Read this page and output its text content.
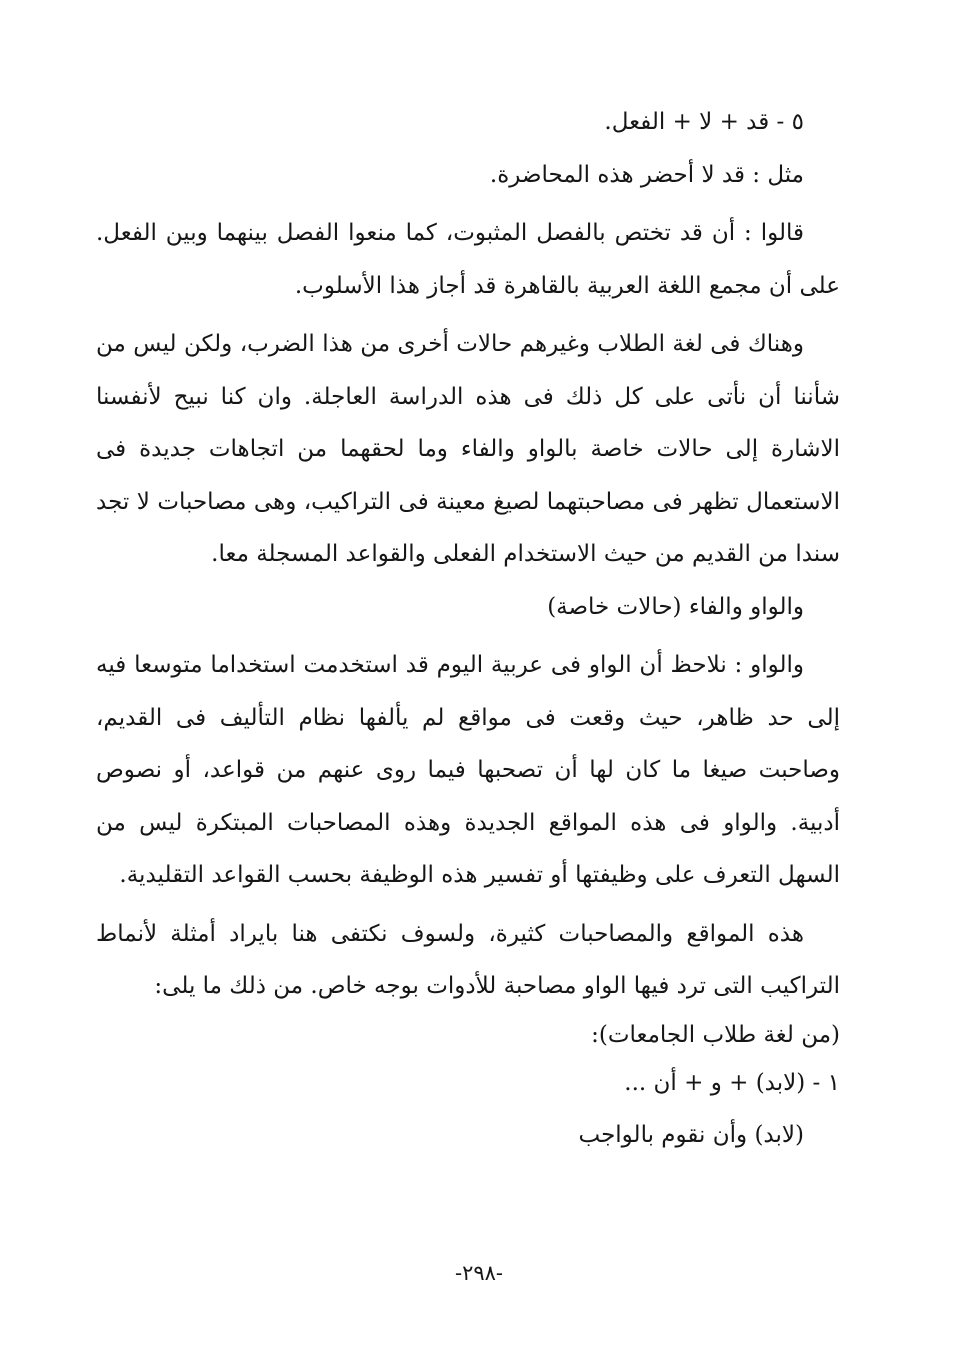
٥ - قد + لا + الفعل.

مثل : قد لا أحضر هذه المحاضرة.

قالوا : أن قد تختص بالفصل المثبوت، كما منعوا الفصل بينهما وبين الفعل. على أن مجمع اللغة العربية بالقاهرة قد أجاز هذا الأسلوب.

وهناك فى لغة الطلاب وغيرهم حالات أخرى من هذا الضرب، ولكن ليس من شأننا أن نأتى على كل ذلك فى هذه الدراسة العاجلة. وان كنا نبيح لأنفسنا الاشارة إلى حالات خاصة بالواو والفاء وما لحقهما من اتجاهات جديدة فى الاستعمال تظهر فى مصاحبتهما لصيغ معينة فى التراكيب، وهى مصاحبات لا تجد سندا من القديم من حيث الاستخدام الفعلى والقواعد المسجلة معا.

والواو والفاء (حالات خاصة)

والواو : نلاحظ أن الواو فى عربية اليوم قد استخدمت استخداما متوسعا فيه إلى حد ظاهر، حيث وقعت فى مواقع لم يألفها نظام التأليف فى القديم، وصاحبت صيغا ما كان لها أن تصحبها فيما روى عنهم من قواعد، أو نصوص أدبية. والواو فى هذه المواقع الجديدة وهذه المصاحبات المبتكرة ليس من السهل التعرف على وظيفتها أو تفسير هذه الوظيفة بحسب القواعد التقليدية.

هذه المواقع والمصاحبات كثيرة، ولسوف نكتفى هنا بايراد أمثلة لأنماط التراكيب التى ترد فيها الواو مصاحبة للأدوات بوجه خاص. من ذلك ما يلى:

(من لغة طلاب الجامعات):

١ - (لابد) + و + أن ...

(لابد) وأن نقوم بالواجب

-٢٩٨-
